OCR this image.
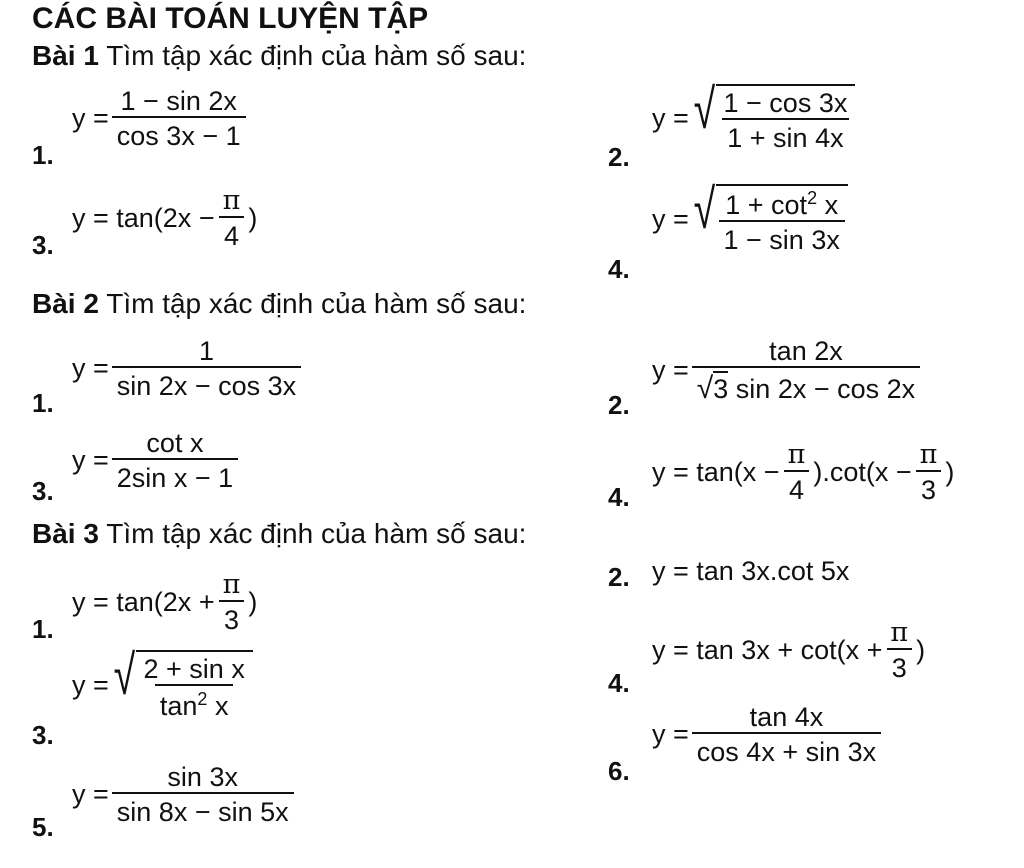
CÁC BÀI TOÁN LUYỆN TẬP
Bài 1 Tìm tập xác định của hàm số sau:
1.
$y = \frac{1 - \sin 2x}{\cos 3x - 1}$
2.
y = √ $\frac{1 - \cos 3x}{1 + \sin 4x}$
3.
$y = \tan(2x - \frac{\pi}{4}$ )
4.
y = √ $\frac{1 + \cot^2 x}{1 - \sin 3x}$
Bài 2 Tìm tập xác định của hàm số sau:
1.
$y = \frac{1}{\sin 2x - \cos 3x}$
2.
$y = \frac{\tan 2x}{√ 3 \sin 2x - \cos 2x}$
3.
$y = \frac{\text{cot x}}{\text{2sin x − 1}}$
4.
$y = \tan(x - \frac{\pi}{4} ).\cot(x - \frac{\pi}{3}$ )
Bài 3 Tìm tập xác định của hàm số sau:
1.
$y = \tan(2x + \frac{\pi}{3}$ )
2. y = tan 3x.cot 5x
3.
y = √ $\frac{\text{2 + sin x}}{\tan^2 x}$	4.
$y = \tan 3x + \cot(x + \frac{\pi}{3}$ )
5.
$y = \frac{\sin 3x}{\sin 8x - \sin 5x}$	6.
$y = \frac{\tan 4x}{\cos 4x + \sin 3x}$
